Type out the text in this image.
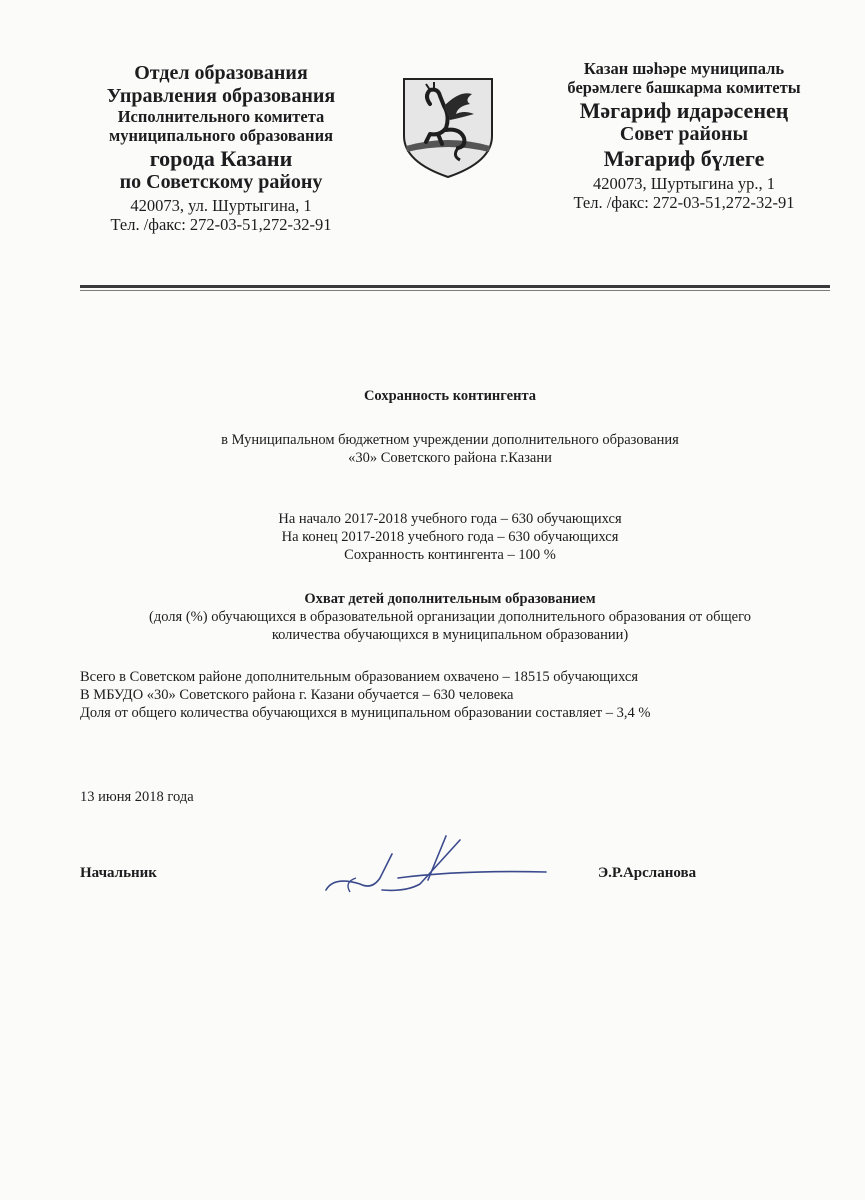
Отдел образования
Управления образования
Исполнительного комитета
муниципального образования
города Казани
по Советскому району
420073, ул. Шуртыгина, 1
Тел. /факс: 272-03-51,272-32-91
Казан шәһәре муниципаль
берәмлеге башкарма комитеты
Мәгариф идарәсенең
Совет районы
Мәгариф бүлеге
420073, Шуртыгина ур., 1
Тел. /факс: 272-03-51,272-32-91
Сохранность контингента
в Муниципальном бюджетном учреждении дополнительного образования
«30» Советского района г.Казани
На начало 2017-2018 учебного года – 630 обучающихся
На конец 2017-2018 учебного года – 630 обучающихся
Сохранность контингента – 100 %
Охват детей дополнительным образованием
(доля (%) обучающихся в образовательной организации дополнительного образования от общего
количества обучающихся в муниципальном образовании)
Всего в Советском районе дополнительным образованием охвачено – 18515 обучающихся
В МБУДО «30» Советского района г. Казани обучается – 630 человека
Доля от общего количества обучающихся в муниципальном образовании составляет – 3,4 %
13 июня 2018 года
Начальник	Э.Р.Арсланова
